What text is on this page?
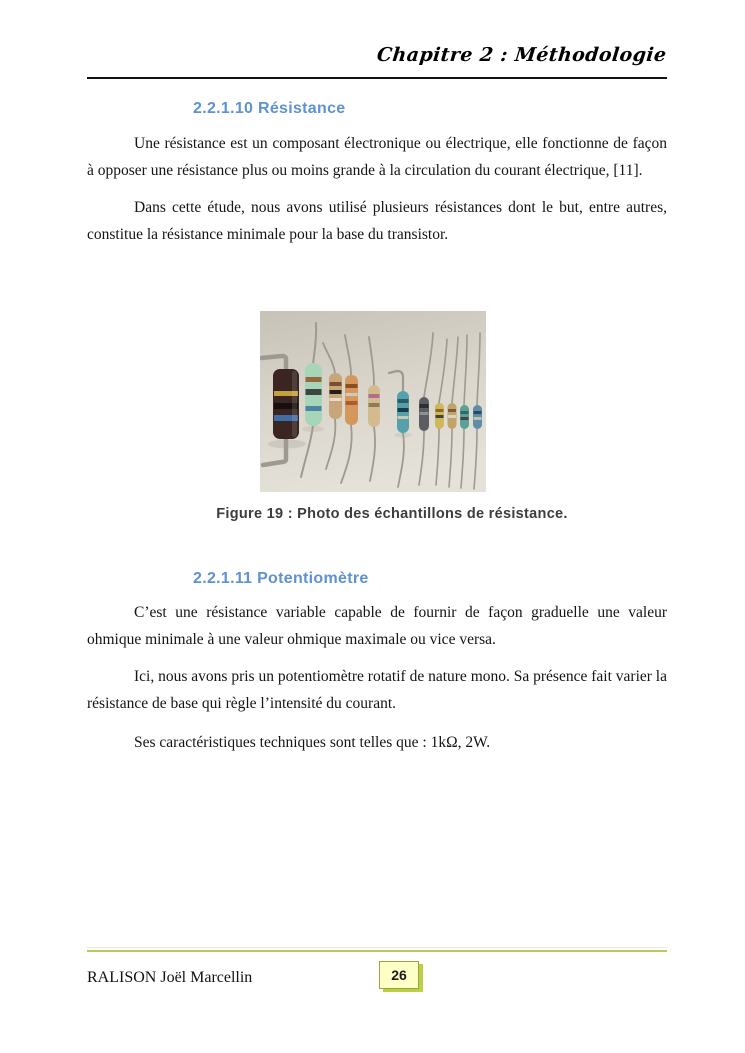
Chapitre 2 : Méthodologie
2.2.1.10 Résistance

Une résistance est un composant électronique ou électrique, elle fonctionne de façon à opposer une résistance plus ou moins grande à la circulation du courant électrique, [11].

Dans cette étude, nous avons utilisé plusieurs résistances dont le but, entre autres, constitue la résistance minimale pour la base du transistor.

Figure 19 : Photo des échantillons de résistance.
2.2.1.11 Potentiomètre

C’est une résistance variable capable de fournir de façon graduelle une valeur ohmique minimale à une valeur ohmique maximale ou vice versa.

Ici, nous avons pris un potentiomètre rotatif de nature mono. Sa présence fait varier la résistance de base qui règle l’intensité du courant.

Ses caractéristiques techniques sont telles que : 1kΩ, 2W.

RALISON Joël Marcellin	26
